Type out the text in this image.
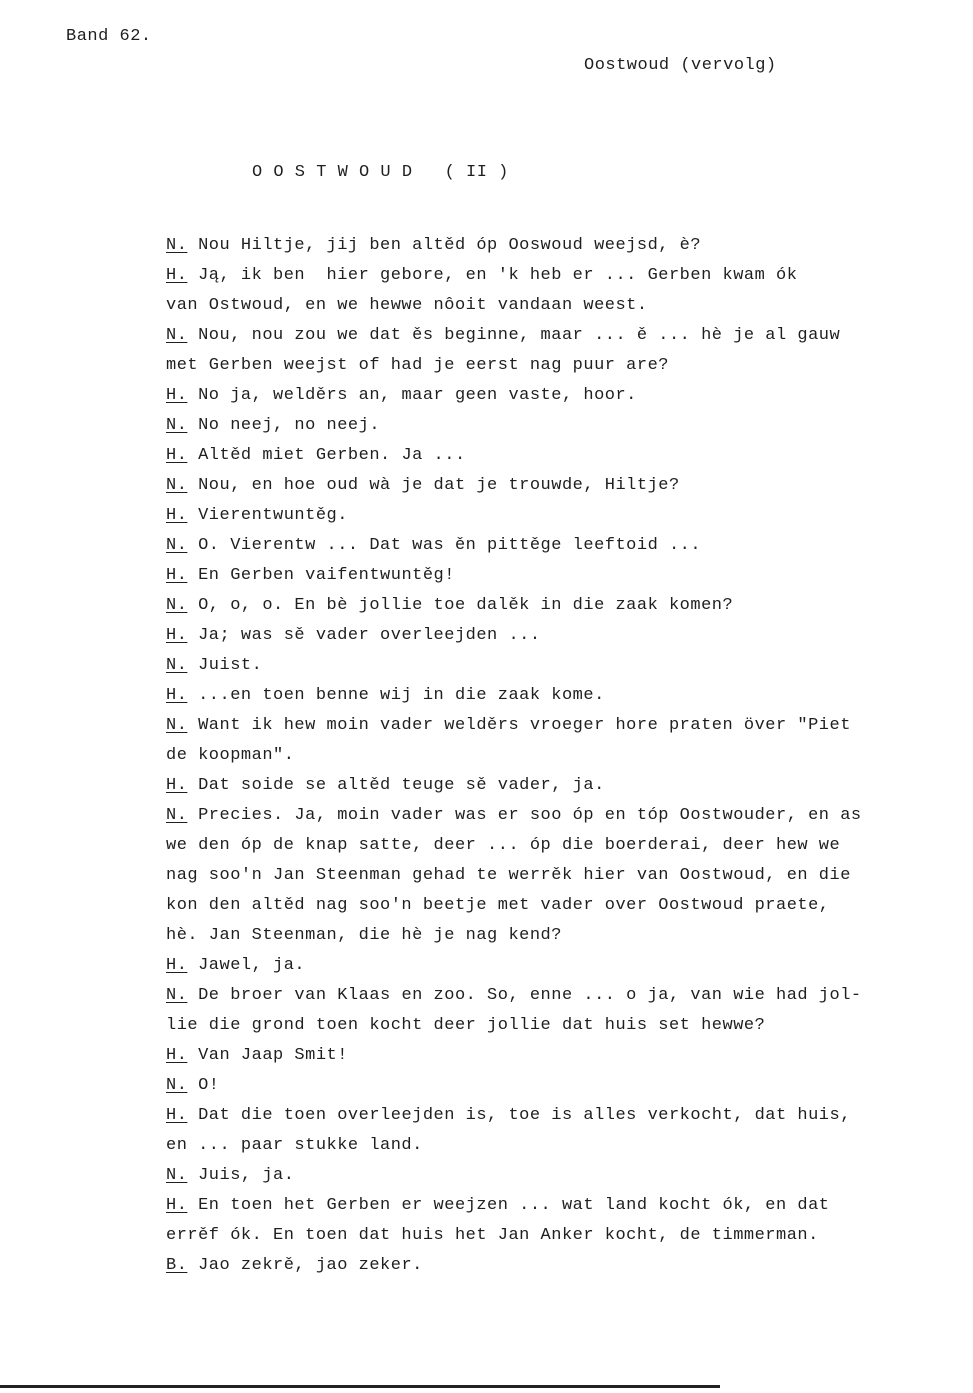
Band 62.
Oostwoud (vervolg)
O O S T W O U D   ( II )
N. Nou Hiltje, jij ben altěd óp Ooswoud weejsd, è?
H. Ją, ik ben  hier gebore, en 'k heb er ... Gerben kwam ók
van Ostwoud, en we hewwe nôoit vandaan weest.
N. Nou, nou zou we dat ěs beginne, maar ... ě ... hè je al gauw
met Gerben weejst of had je eerst nag puur are?
H. No ja, welděrs an, maar geen vaste, hoor.
N. No neej, no neej.
H. Altěd miet Gerben. Ja ...
N. Nou, en hoe oud wà je dat je trouwde, Hiltje?
H. Vierentwuntěg.
N. O. Vierentw ... Dat was ěn pittěge leeftoid ...
H. En Gerben vaifentwuntěg!
N. O, o, o. En bè jollie toe dalěk in die zaak komen?
H. Ja; was sě vader overleejden ...
N. Juist.
H. ...en toen benne wij in die zaak kome.
N. Want ik hew moin vader welděrs vroeger hore praten över "Piet
de koopman".
H. Dat soide se altěd teuge sě vader, ja.
N. Precies. Ja, moin vader was er soo óp en tóp Oostwouder, en as
we den óp de knap satte, deer ... óp die boerderai, deer hew we
nag soo'n Jan Steenman gehad te werrěk hier van Oostwoud, en die
kon den altěd nag soo'n beetje met vader over Oostwoud praete,
hè. Jan Steenman, die hè je nag kend?
H. Jawel, ja.
N. De broer van Klaas en zoo. So, enne ... o ja, van wie had jol-
lie die grond toen kocht deer jollie dat huis set hewwe?
H. Van Jaap Smit!
N. O!
H. Dat die toen overleejden is, toe is alles verkocht, dat huis,
en ... paar stukke land.
N. Juis, ja.
H. En toen het Gerben er weejzen ... wat land kocht ók, en dat
errěf ók. En toen dat huis het Jan Anker kocht, de timmerman.
B. Jao zekrě, jao zeker.
